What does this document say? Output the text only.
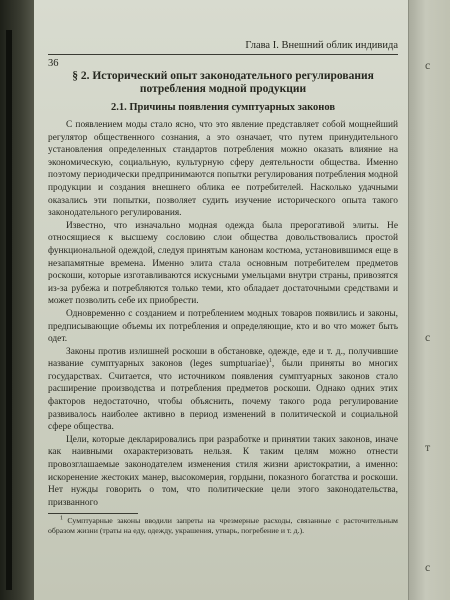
36
Глава I. Внешний облик индивида
§ 2. Исторический опыт законодательного регулирования потребления модной продукции
2.1. Причины появления сумптуарных законов

С появлением моды стало ясно, что это явление представляет собой мощнейший регулятор общественного сознания, а это означает, что путем принудительного установления определенных стандартов потребления можно оказать влияние на экономическую, социальную, культурную сферу деятельности общества. Именно поэтому периодически предпринимаются попытки регулирования потребления модной продукции и создания внешнего облика ее потребителей. Насколько удачными оказались эти попытки, позволяет судить изучение исторического опыта такого законодательного регулирования.

Известно, что изначально модная одежда была прерогативой элиты. Не относящиеся к высшему сословию слои общества довольствовались простой функциональной одеждой, следуя принятым канонам костюма, установившимся еще в незапамятные времена. Именно элита стала основным потребителем предметов роскоши, которые изготавливаются искусными умельцами внутри страны, привозятся из-за рубежа и потребляются только теми, кто обладает достаточными средствами и может позволить себе их приобрести.

Одновременно с созданием и потреблением модных товаров появились и законы, предписывающие объемы их потребления и определяющие, кто и во что может быть одет.

Законы против излишней роскоши в обстановке, одежде, еде и т. д., получившие название сумптуарных законов (leges sumptuariae)$^1$, были приняты во многих государствах. Считается, что источником появления сумптуарных законов стало расширение производства и потребления предметов роскоши. Однако одних этих факторов недостаточно, чтобы объяснить, почему такого рода регулирование развивалось наиболее активно в период изменений в политической и социальной сфере общества.

Цели, которые декларировались при разработке и принятии таких законов, иначе как наивными охарактеризовать нельзя. К таким целям можно отнести провозглашаемые законодателем изменения стиля жизни аристократии, а именно: искоренение жестоких манер, высокомерия, гордыни, показного богатства и роскоши. Нет нужды говорить о том, что политические цели этого законодательства, призванного

$^1$ Сумптуарные законы вводили запреты на чрезмерные расходы, связанные с расточительным образом жизни (траты на еду, одежду, украшения, утварь, погребение и т. д.).

с
с
т
с
